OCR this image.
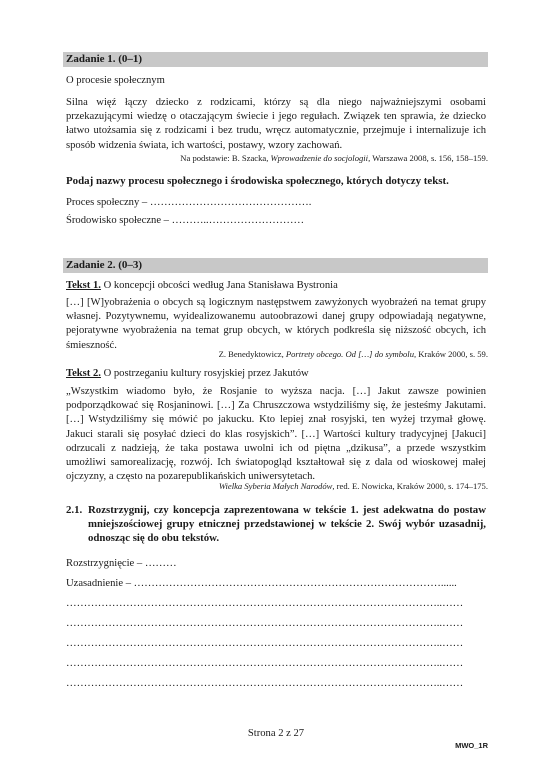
Zadanie 1. (0–1)
O procesie społecznym
Silna więź łączy dziecko z rodzicami, którzy są dla niego najważniejszymi osobami przekazującymi wiedzę o otaczającym świecie i jego regułach. Związek ten sprawia, że dziecko łatwo utożsamia się z rodzicami i bez trudu, wręcz automatycznie, przejmuje i internalizuje ich sposób widzenia świata, ich wartości, postawy, wzory zachowań.
Na podstawie: B. Szacka, Wprowadzenie do socjologii, Warszawa 2008, s. 156, 158–159.
Podaj nazwy procesu społecznego i środowiska społecznego, których dotyczy tekst.
Proces społeczny – ……………………………………….
Środowisko społeczne – ………..………………………
Zadanie 2. (0–3)
Tekst 1. O koncepcji obcości według Jana Stanisława Bystronia
[…] [W]yobrażenia o obcych są logicznym następstwem zawyżonych wyobrażeń na temat grupy własnej. Pozytywnemu, wyidealizowanemu autoobrazowi danej grupy odpowiadają negatywne, pejoratywne wyobrażenia na temat grup obcych, w których podkreśla się niższość obcych, ich śmieszność.
Z. Benedyktowicz, Portrety obcego. Od […] do symbolu, Kraków 2000, s. 59.
Tekst 2. O postrzeganiu kultury rosyjskiej przez Jakutów
„Wszystkim wiadomo było, że Rosjanie to wyższa nacja. […] Jakut zawsze powinien podporządkować się Rosjaninowi. […] Za Chruszczowa wstydziliśmy się, że jesteśmy Jakutami. […] Wstydziliśmy się mówić po jakucku. Kto lepiej znał rosyjski, ten wyżej trzymał głowę. Jakuci starali się posyłać dzieci do klas rosyjskich”. […] Wartości kultury tradycyjnej [Jakuci] odrzucali z nadzieją, że taka postawa uwolni ich od piętna „dzikusa”, a przede wszystkim umożliwi samorealizację, rozwój. Ich światopogląd kształtował się z dala od wioskowej małej ojczyzny, a często na pozarepublikańskich uniwersytetach.
Wielka Syberia Małych Narodów, red. E. Nowicka, Kraków 2000, s. 174–175.
2.1. Rozstrzygnij, czy koncepcja zaprezentowana w tekście 1. jest adekwatna do postaw mniejszościowej grupy etnicznej przedstawionej w tekście 2. Swój wybór uzasadnij, odnosząc się do obu tekstów.
Rozstrzygnięcie – ………
Uzasadnienie – ……………………………………………………………………………......
……………………………………………………………………………………………..……
……………………………………………………………………………………………..……
……………………………………………………………………………………………..……
……………………………………………………………………………………………..……
……………………………………………………………………………………………..……
Strona 2 z 27
MWO_1R
